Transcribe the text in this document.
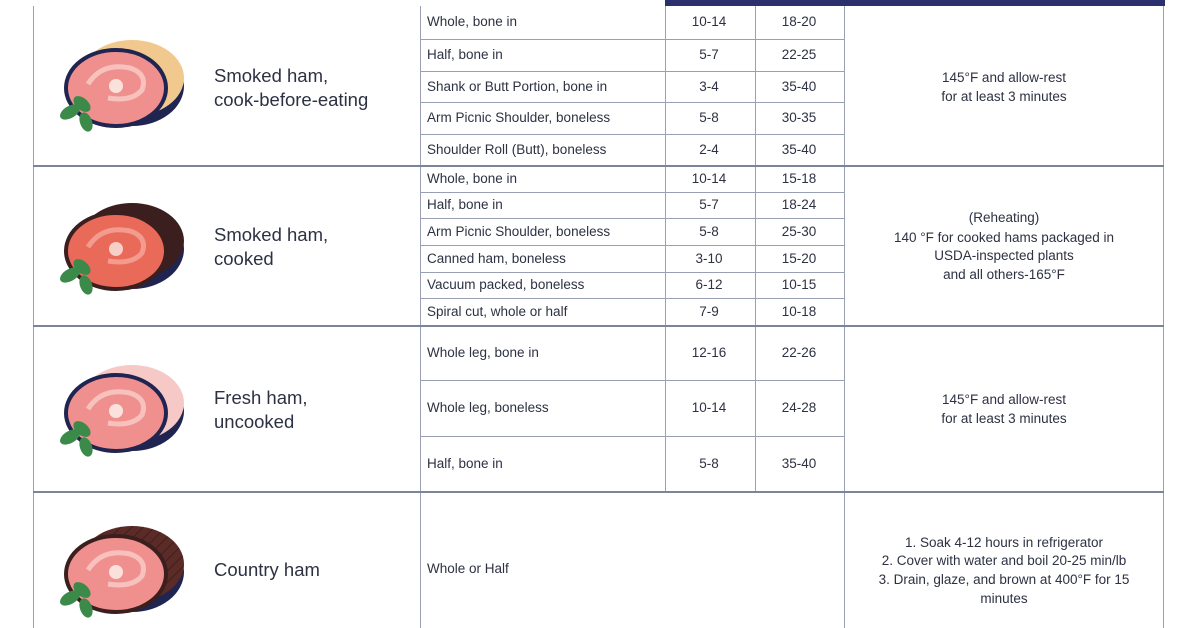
Smoked ham,
cook-before-eating
Whole, bone in	10-14	18-20
Half, bone in	5-7	22-25
Shank or Butt Portion, bone in	3-4	35-40
Arm Picnic Shoulder, boneless	5-8	30-35
Shoulder Roll (Butt), boneless	2-4	35-40
145°F and allow-rest
for at least 3 minutes
Smoked ham,
cooked
Whole, bone in	10-14	15-18
Half, bone in	5-7	18-24
Arm Picnic Shoulder, boneless	5-8	25-30
Canned ham, boneless	3-10	15-20
Vacuum packed, boneless	6-12	10-15
Spiral cut, whole or half	7-9	10-18
(Reheating)
140 °F for cooked hams packaged in
USDA-inspected plants
and all others-165°F
Fresh ham,
uncooked
Whole leg, bone in	12-16	22-26
Whole leg, boneless	10-14	24-28
Half, bone in	5-8	35-40
145°F and allow-rest
for at least 3 minutes
Country ham	Whole or Half
1. Soak 4-12 hours in refrigerator
2. Cover with water and boil 20-25 min/lb
3. Drain, glaze, and brown at 400°F for 15
minutes
